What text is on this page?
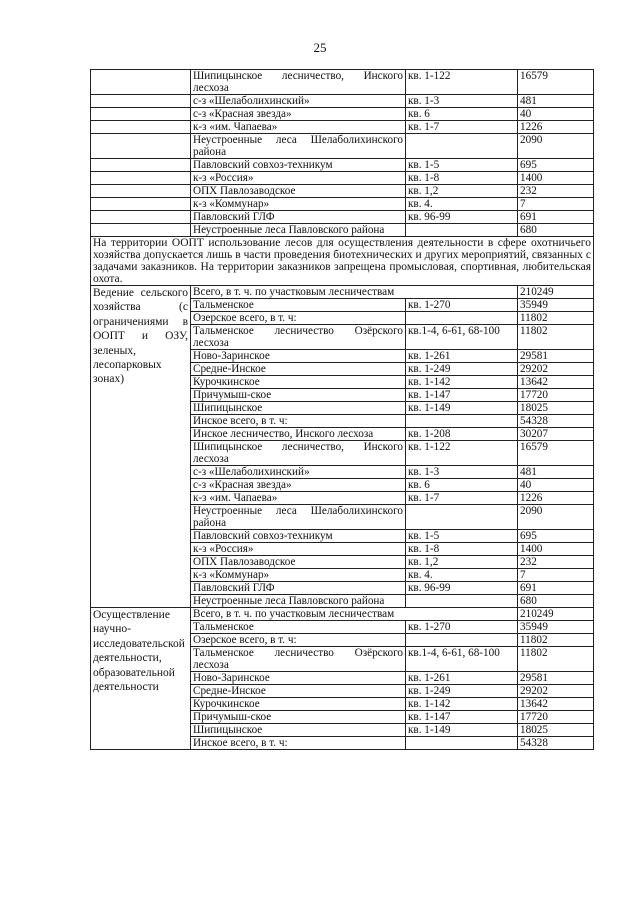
25
	Шипицынское лесничество, Инского лесхоза	кв. 1-122	16579
	с-з «Шелаболихинский»	кв. 1-3	481
	с-з «Красная звезда»	кв. 6	40
	к-з «им. Чапаева»	кв. 1-7	1226
	Неустроенные леса Шелаболихинского района		2090
	Павловский совхоз-техникум	кв. 1-5	695
	к-з «Россия»	кв. 1-8	1400
	ОПХ Павлозаводское	кв. 1,2	232
	к-з «Коммунар»	кв. 4.	7
	Павловский ГЛФ	кв. 96-99	691
	Неустроенные леса Павловского района		680
На территории ООПТ использование лесов для осуществления деятельности в сфере охотничьего хозяйства допускается лишь в части проведения биотехнических и других мероприятий, связанных с задачами заказников. На территории заказников запрещена промысловая, спортивная, любительская охота.			
Ведение сельского хозяйства (с ограничениями в ООПТ и ОЗУ, зеленых, лесопарковых зонах)	Всего, в т. ч. по участковым лесничествам		210249
	Тальменское	кв. 1-270	35949
	Озерское всего, в т. ч:		11802
	Тальменское лесничество Озёрского лесхоза	кв.1-4, 6-61, 68-100	11802
	Ново-Заринское	кв. 1-261	29581
	Средне-Инское	кв. 1-249	29202
	Курочкинское	кв. 1-142	13642
	Причумыш-ское	кв. 1-147	17720
	Шипицынское	кв. 1-149	18025
	Инское всего, в т. ч:		54328
	Инское лесничество, Инского лесхоза	кв. 1-208	30207
	Шипицынское лесничество, Инского лесхоза	кв. 1-122	16579
	с-з «Шелаболихинский»	кв. 1-3	481
	с-з «Красная звезда»	кв. 6	40
	к-з «им. Чапаева»	кв. 1-7	1226
	Неустроенные леса Шелаболихинского района		2090
	Павловский совхоз-техникум	кв. 1-5	695
	к-з «Россия»	кв. 1-8	1400
	ОПХ Павлозаводское	кв. 1,2	232
	к-з «Коммунар»	кв. 4.	7
	Павловский ГЛФ	кв. 96-99	691
	Неустроенные леса Павловского района		680
Осуществление научно-исследовательской деятельности, образовательной деятельности	Всего, в т. ч. по участковым лесничествам		210249
	Тальменское	кв. 1-270	35949
	Озерское всего, в т. ч:		11802
	Тальменское лесничество Озёрского лесхоза	кв.1-4, 6-61, 68-100	11802
	Ново-Заринское	кв. 1-261	29581
	Средне-Инское	кв. 1-249	29202
	Курочкинское	кв. 1-142	13642
	Причумыш-ское	кв. 1-147	17720
	Шипицынское	кв. 1-149	18025
	Инское всего, в т. ч:		54328
